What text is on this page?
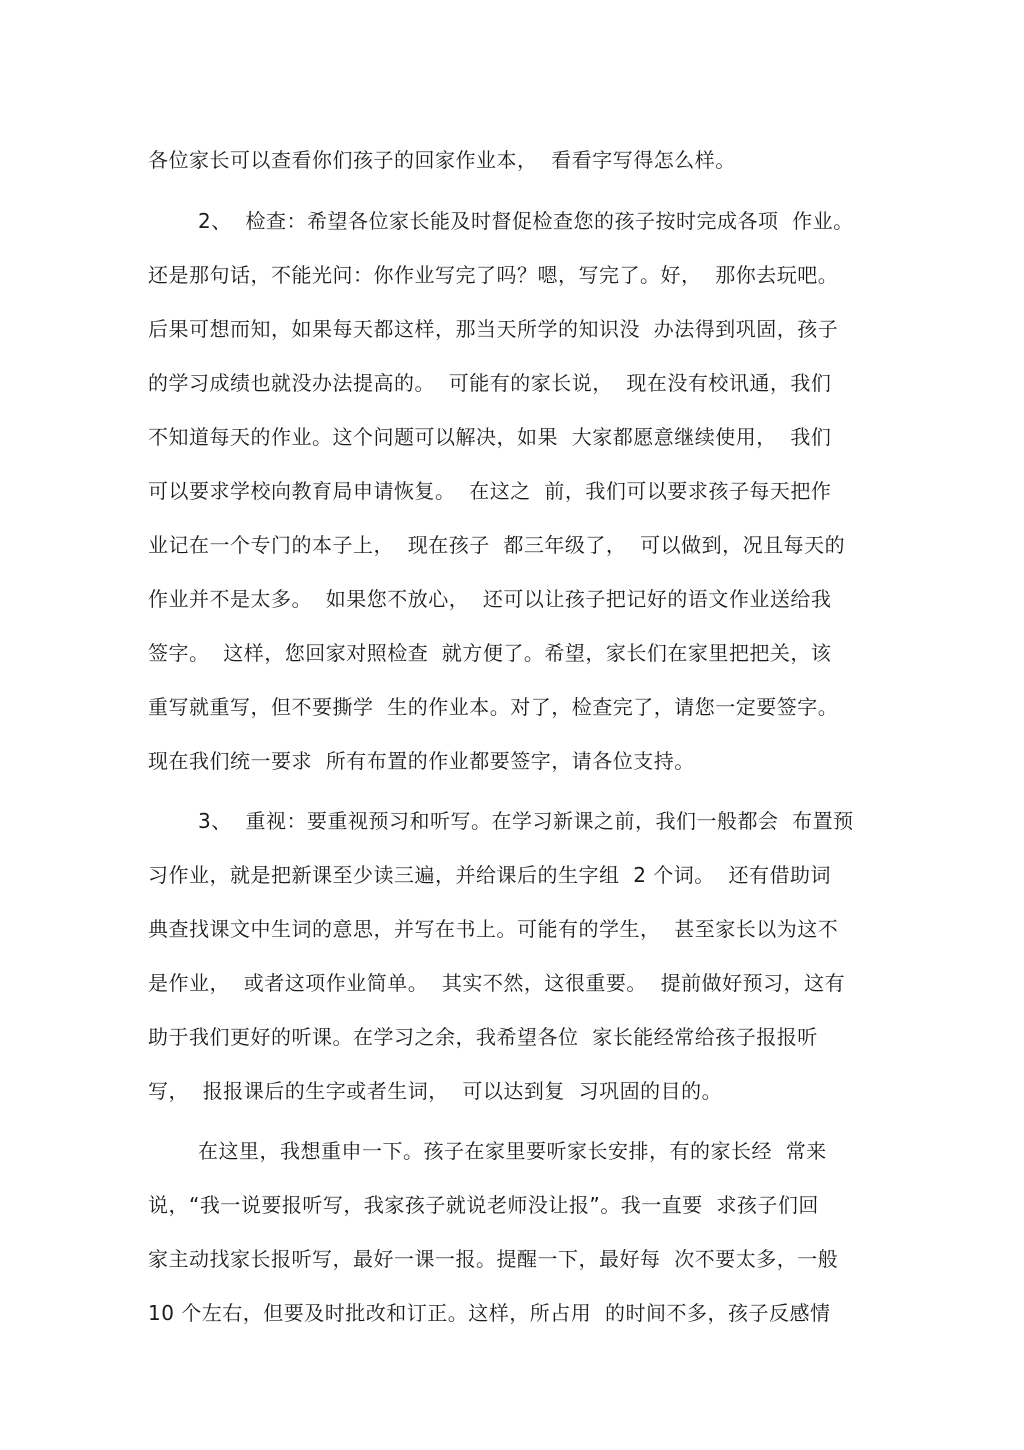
各位家长可以查看你们孩子的回家作业本，  看看字写得怎么样。
2、  检查：希望各位家长能及时督促检查您的孩子按时完成各项  作业。
还是那句话，不能光问：你作业写完了吗？嗯，写完了。好，  那你去玩吧。
后果可想而知，如果每天都这样，那当天所学的知识没  办法得到巩固，孩子
的学习成绩也就没办法提高的。  可能有的家长说，  现在没有校讯通，我们
不知道每天的作业。这个问题可以解决，如果  大家都愿意继续使用，  我们
可以要求学校向教育局申请恢复。  在这之  前，我们可以要求孩子每天把作
业记在一个专门的本子上，  现在孩子  都三年级了，  可以做到，况且每天的
作业并不是太多。  如果您不放心，  还可以让孩子把记好的语文作业送给我
签字。  这样，您回家对照检查  就方便了。希望，家长们在家里把把关，该
重写就重写，但不要撕学  生的作业本。对了，检查完了，请您一定要签字。
现在我们统一要求  所有布置的作业都要签字，请各位支持。
3、  重视：要重视预习和听写。在学习新课之前，我们一般都会  布置预
习作业，就是把新课至少读三遍，并给课后的生字组  2 个词。  还有借助词
典查找课文中生词的意思，并写在书上。可能有的学生，  甚至家长以为这不
是作业，  或者这项作业简单。  其实不然，这很重要。  提前做好预习，这有
助于我们更好的听课。在学习之余，我希望各位  家长能经常给孩子报报听
写，  报报课后的生字或者生词，  可以达到复  习巩固的目的。
在这里，我想重申一下。孩子在家里要听家长安排，有的家长经  常来
说，“我一说要报听写，我家孩子就说老师没让报”。我一直要  求孩子们回
家主动找家长报听写，最好一课一报。提醒一下，最好每  次不要太多，一般
10 个左右，但要及时批改和订正。这样，所占用  的时间不多，孩子反感情
